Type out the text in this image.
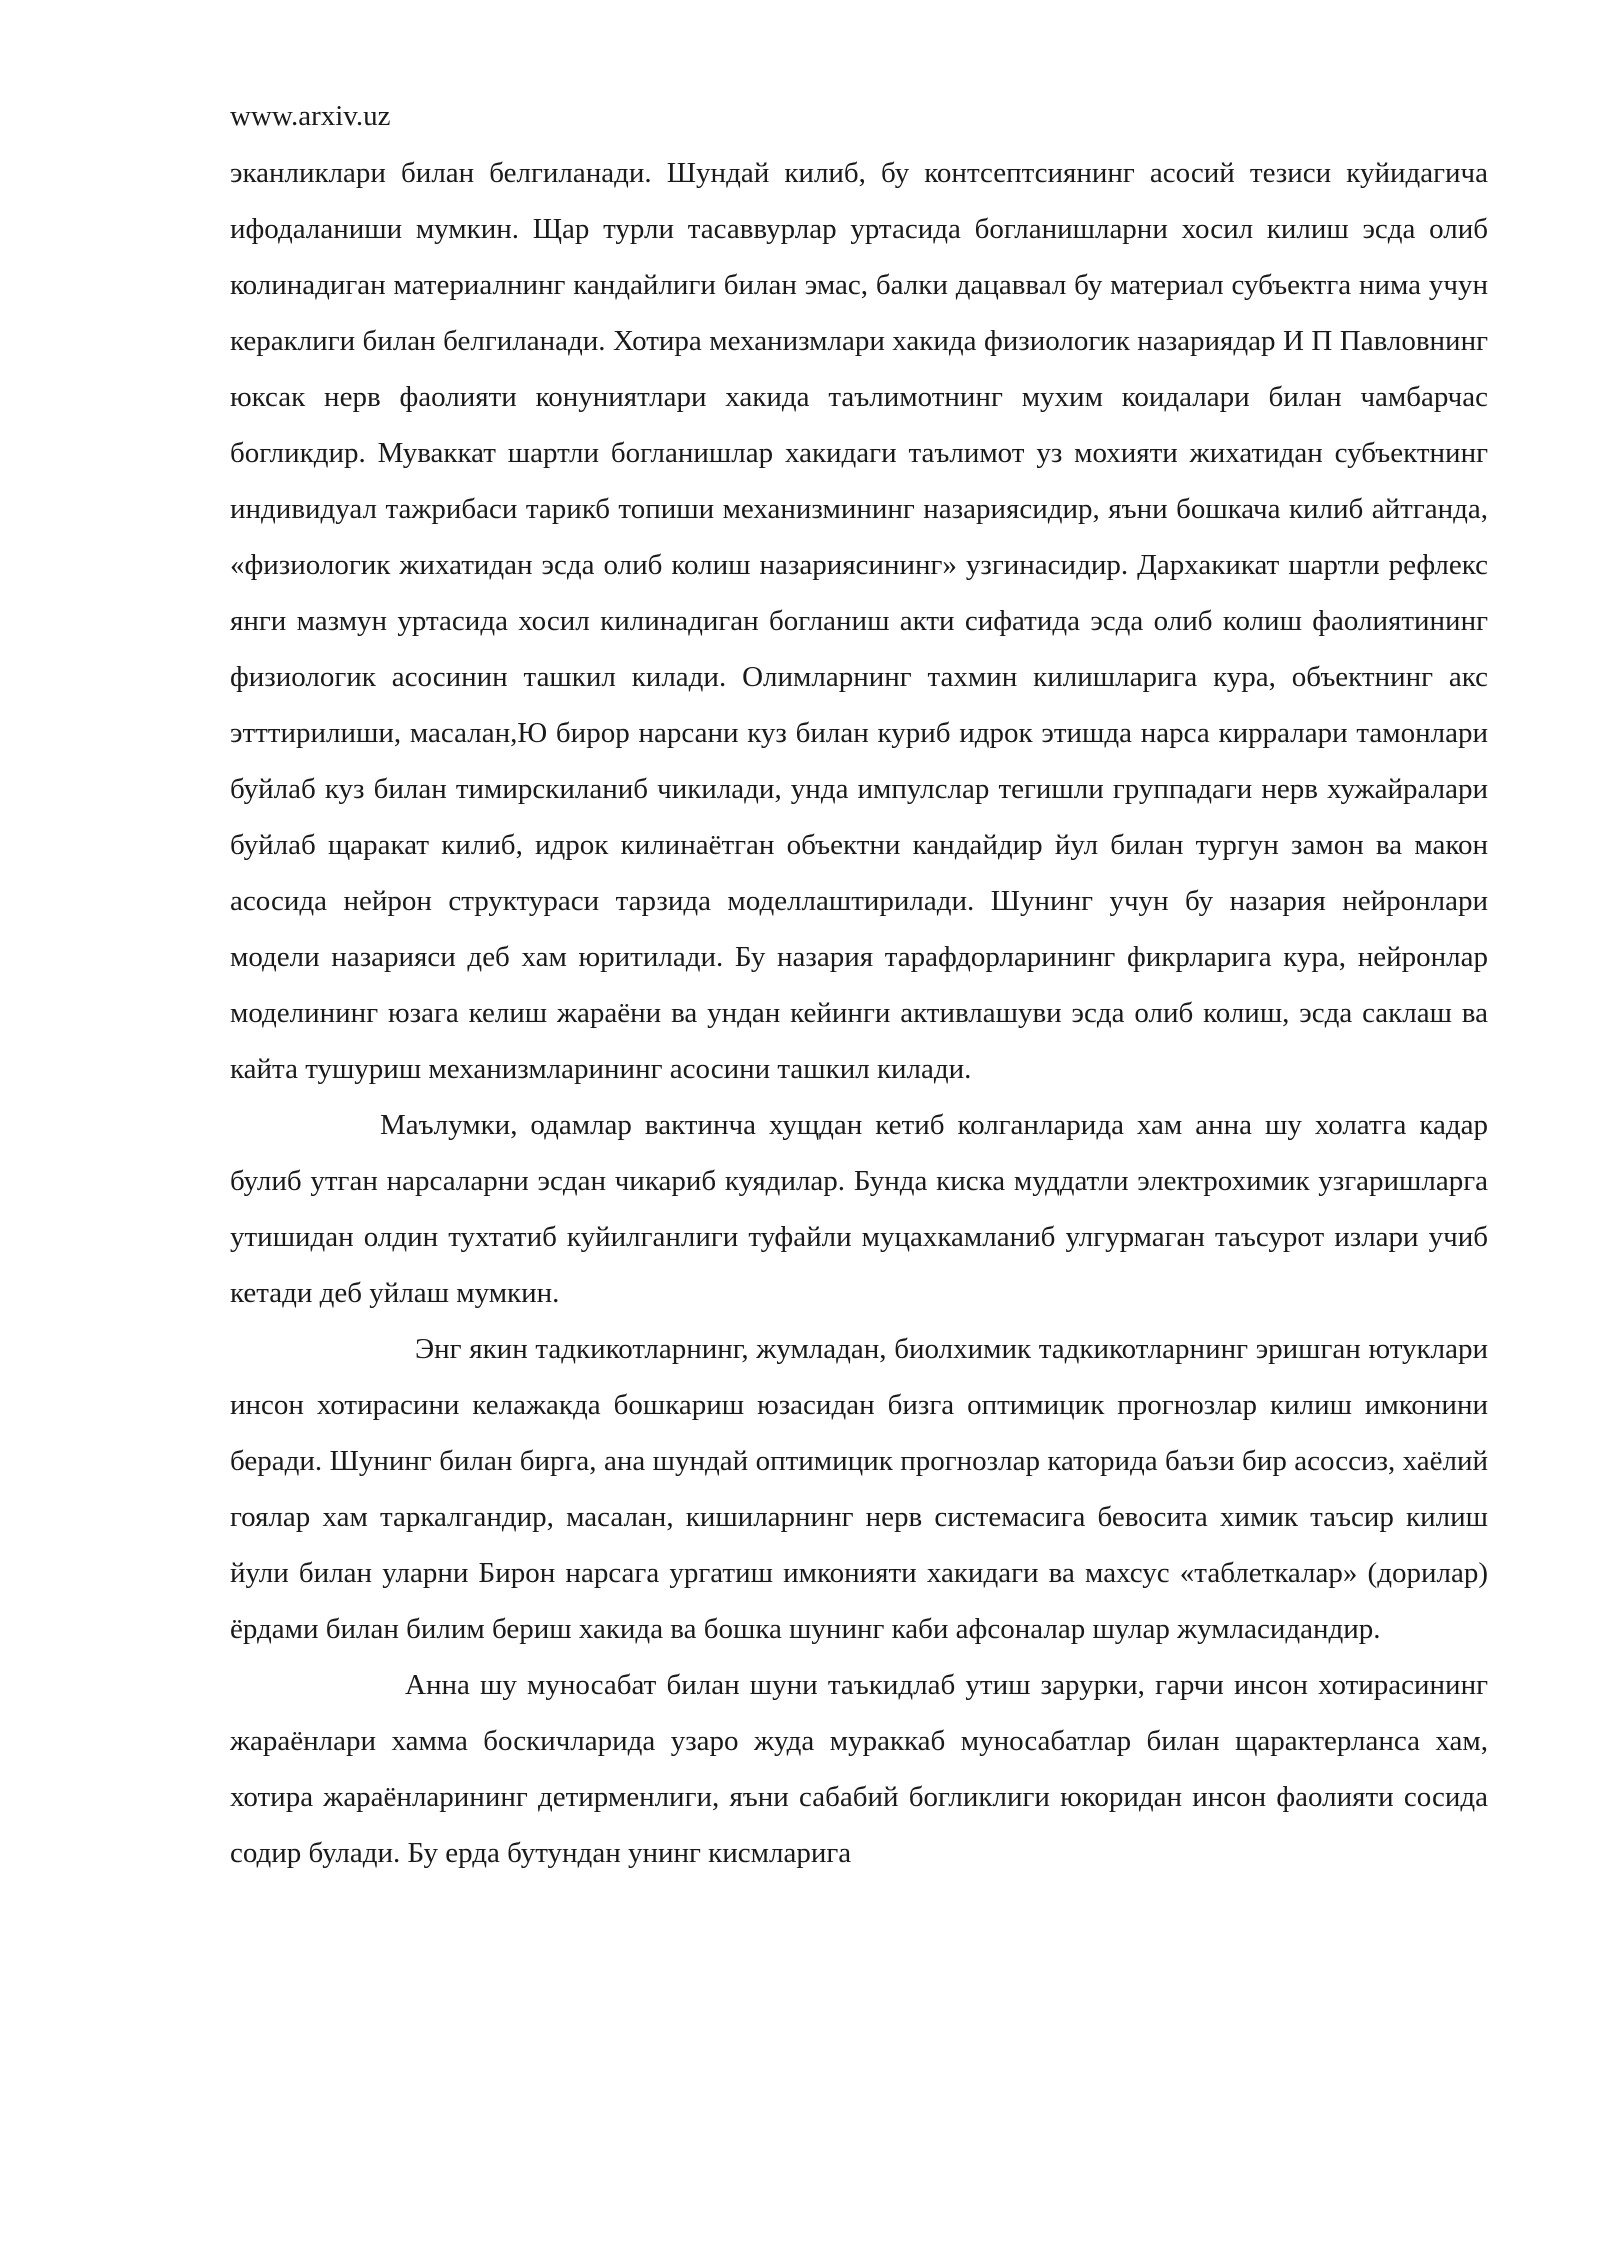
www.arxiv.uz

эканликлари билан белгиланади. Шундай килиб, бу контсептсиянинг асосий тезиси куйидагича ифодаланиши мумкин. Щар турли тасаввурлар уртасида богланишларни хосил килиш эсда олиб колинадиган материалнинг кандайлиги билан эмас, балки дацаввал бу материал субъектга нима учун кераклиги билан белгиланади. Хотира механизмлари хакида физиологик назариядар И П Павловнинг юксак нерв фаолияти конуниятлари хакида таълимотнинг мухим коидалари билан чамбарчас богликдир. Муваккат шартли богланишлар хакидаги таълимот уз мохияти жихатидан субъектнинг индивидуал тажрибаси тарикб топиши механизмининг назариясидир, яъни бошкача килиб айтганда, «физиологик жихатидан эсда олиб колиш назариясининг» узгинасидир. Дархакикат шартли рефлекс янги мазмун уртасида хосил килинадиган богланиш акти сифатида эсда олиб колиш фаолиятининг физиологик асосинин ташкил килади. Олимларнинг тахмин килишларига кура, объектнинг акс этттирилиши, масалан,Ю бирор нарсани куз билан куриб идрок этишда нарса кирралари тамонлари буйлаб куз билан тимирскиланиб чикилади, унда импулслар тегишли группадаги нерв хужайралари буйлаб щаракат килиб, идрок килинаётган объектни кандайдир йул билан тургун замон ва макон асосида нейрон структураси тарзида моделлаштирилади. Шунинг учун бу назария нейронлари модели назарияси деб хам юритилади. Бу назария тарафдорларининг фикрларига кура, нейронлар моделининг юзага келиш жараёни ва ундан кейинги активлашуви эсда олиб колиш, эсда саклаш ва кайта тушуриш механизмларининг асосини ташкил килади.

Маълумки, одамлар вактинча хущдан кетиб колганларида хам анна шу холатга кадар булиб утган нарсаларни эсдан чикариб куядилар. Бунда киска муддатли электрохимик узгаришларга утишидан олдин тухтатиб куйилганлиги туфайли муцахкамланиб улгурмаган таъсурот излари учиб кетади деб уйлаш мумкин.

Энг якин тадкикотларнинг, жумладан, биолхимик тадкикотларнинг эришган ютуклари инсон хотирасини келажакда бошкариш юзасидан бизга оптимицик прогнозлар килиш имконини беради. Шунинг билан бирга, ана шундай оптимицик прогнозлар каторида баъзи бир асоссиз, хаёлий гоялар хам таркалгандир, масалан, кишиларнинг нерв системасига бевосита химик таъсир килиш йули билан уларни Бирон нарсага ургатиш имконияти хакидаги ва махсус «таблеткалар» (дорилар) ёрдами билан билим бериш хакида ва бошка шунинг каби афсоналар шулар жумласидандир.

Анна шу муносабат билан шуни таъкидлаб утиш зарурки, гарчи инсон хотирасининг жараёнлари хамма боскичларида узаро жуда мураккаб муносабатлар билан щарактерланса хам, хотира жараёнларининг детирменлиги, яъни сабабий богликлиги юкоридан инсон фаолияти сосида содир булади. Бу ерда бутундан унинг кисмларига
